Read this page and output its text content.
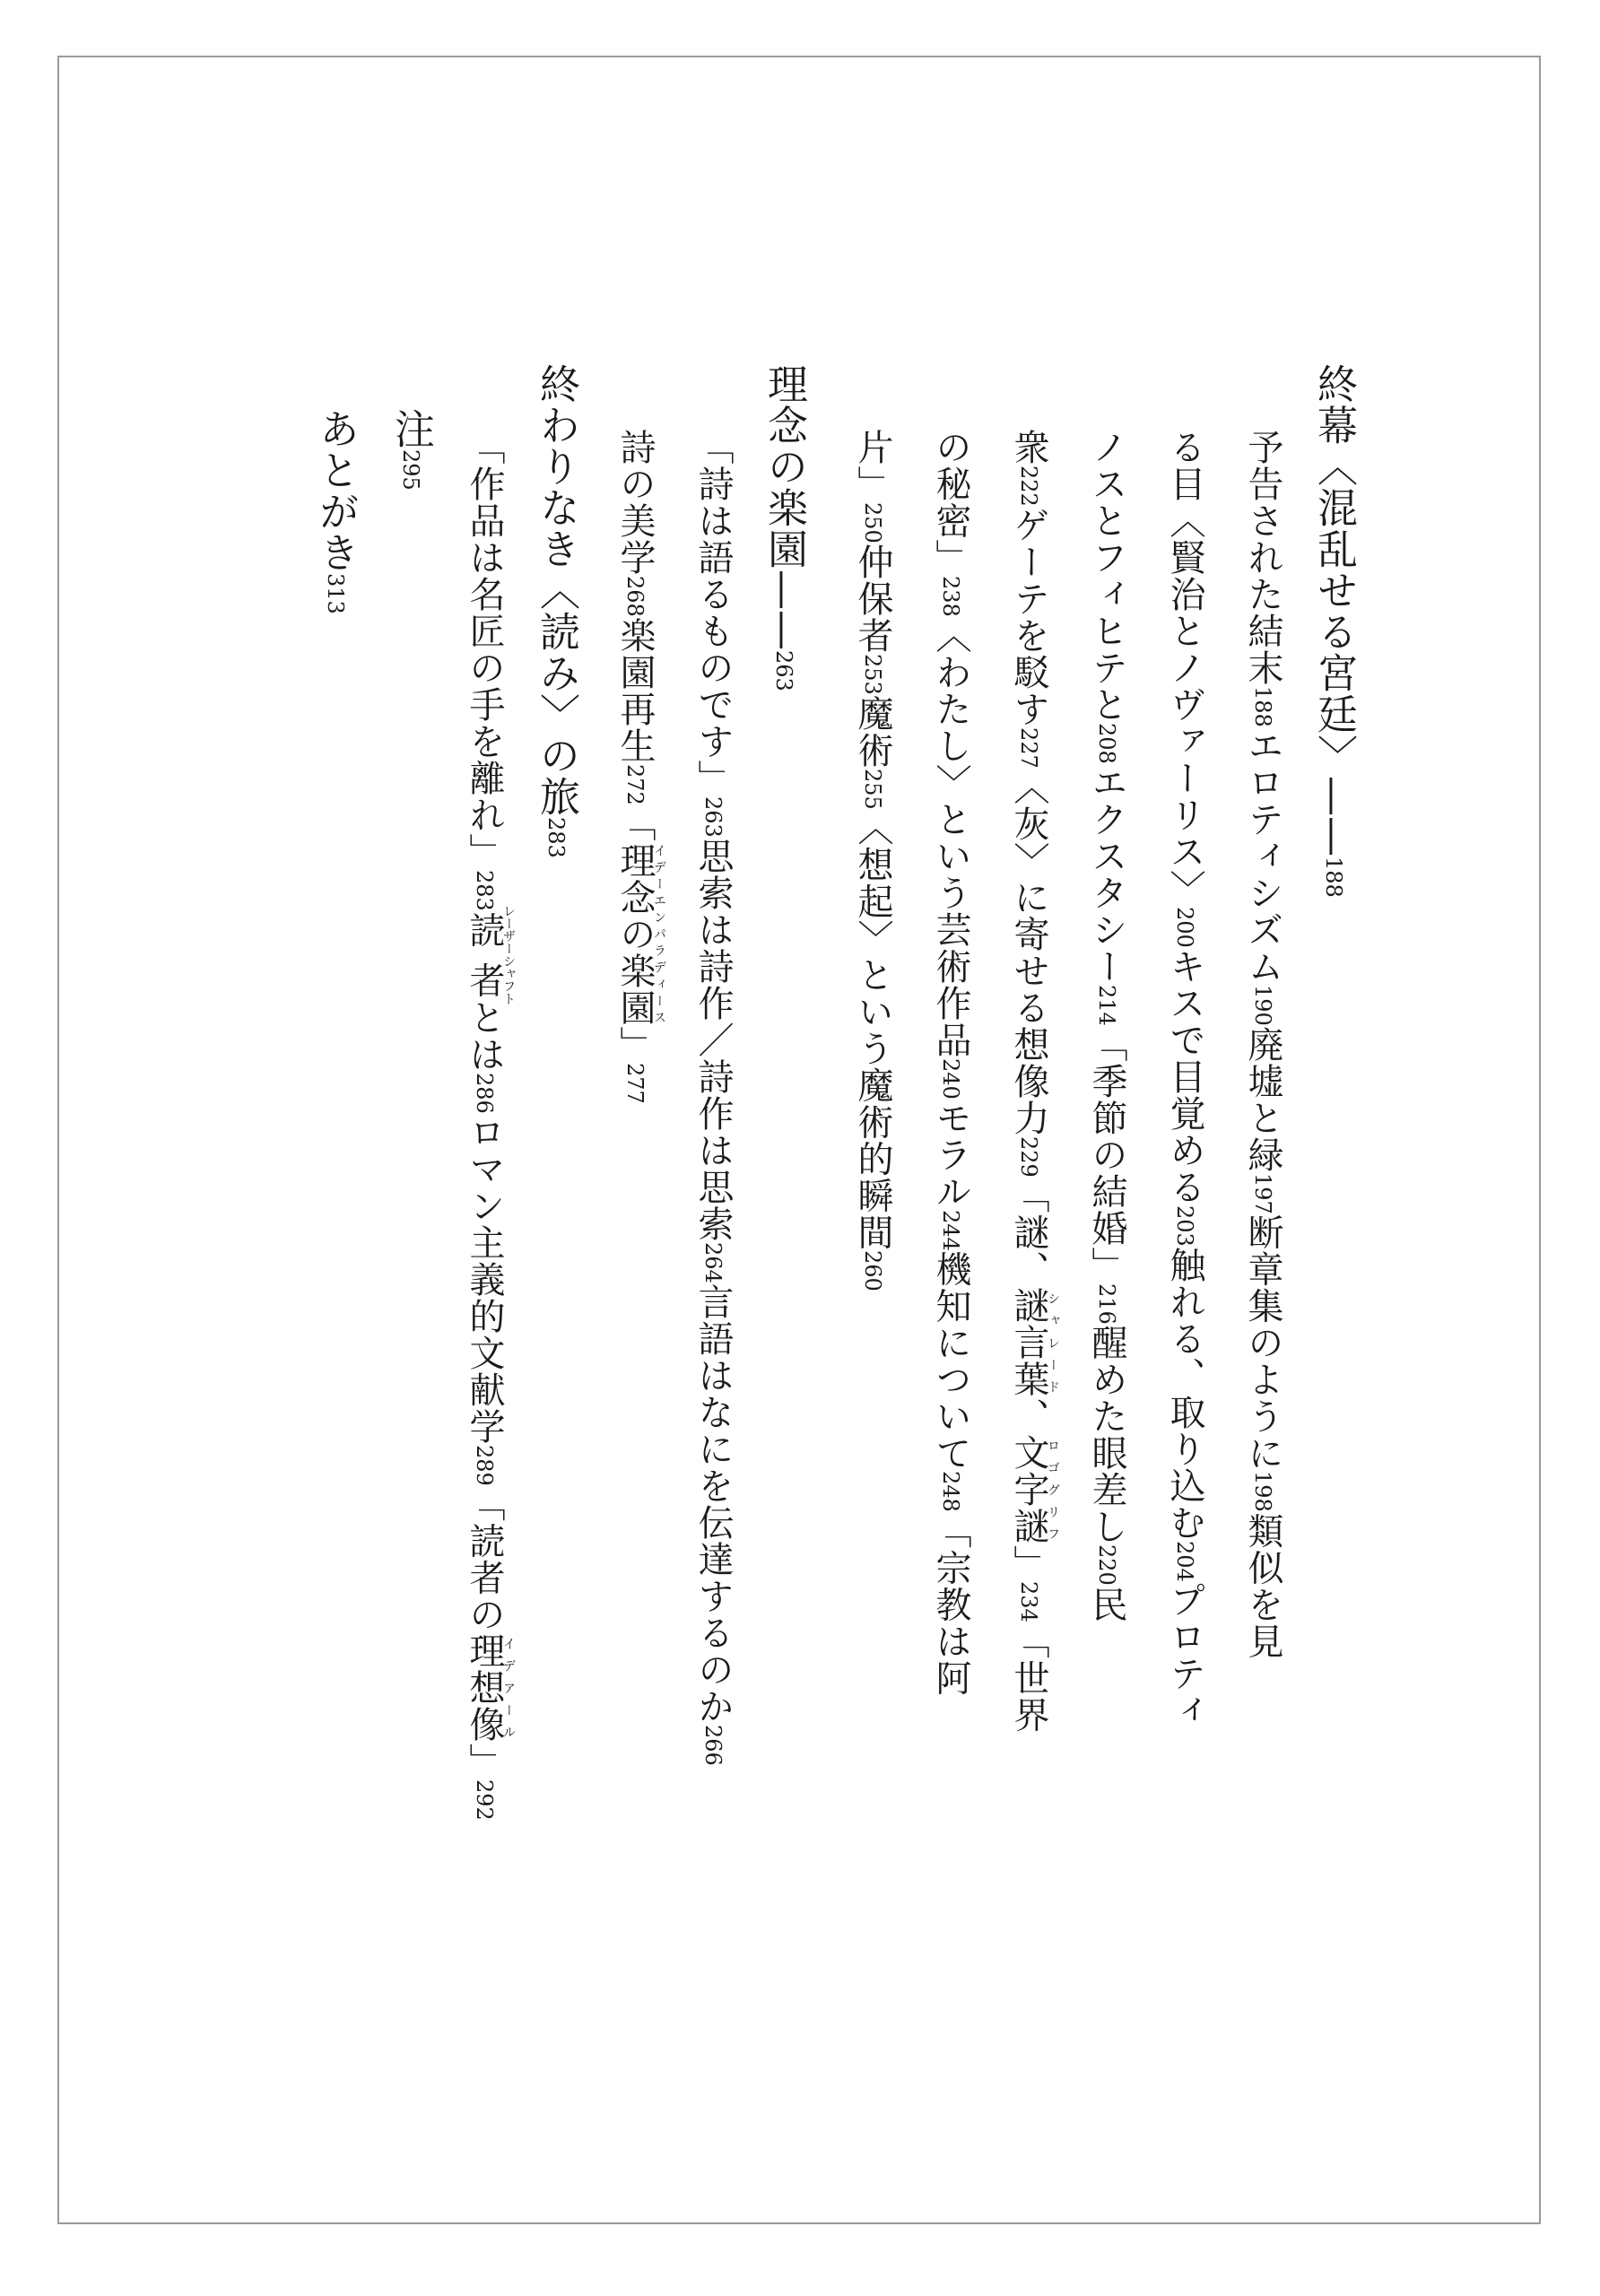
終幕〈混乱せる宮廷〉——188
予告された結末188エロティシズム190廃墟と緑197断章集のように198類似を見
る目〈賢治とノヴァーリス〉200キスで目覚める203触れる、取り込む204プロティ
ノスとフィヒテと208エクスタシー214「季節の結婚」216醒めた眼差し220民
衆222ゲーテを駁す227〈灰〉に寄せる想像力229「謎、謎言葉シャレード、文字謎ロゴグリフ」234「世界
の秘密」238〈わたし〉という芸術作品240モラル244機知について248「宗教は阿
片」250仲保者253魔術255〈想起〉という魔術的瞬間260
理念の楽園——263
「詩は語るものです」263思索は詩作／詩作は思索264言語はなにを伝達するのか266
詩の美学268楽園再生272「理念の楽園イデーエンパラディース」277
終わりなき〈読み〉の旅283
「作品は名匠の手を離れ」283読者レーザーシャフトとは286ロマン主義的文献学289「読者の理想像イデアール」292
注295
あとがき313
